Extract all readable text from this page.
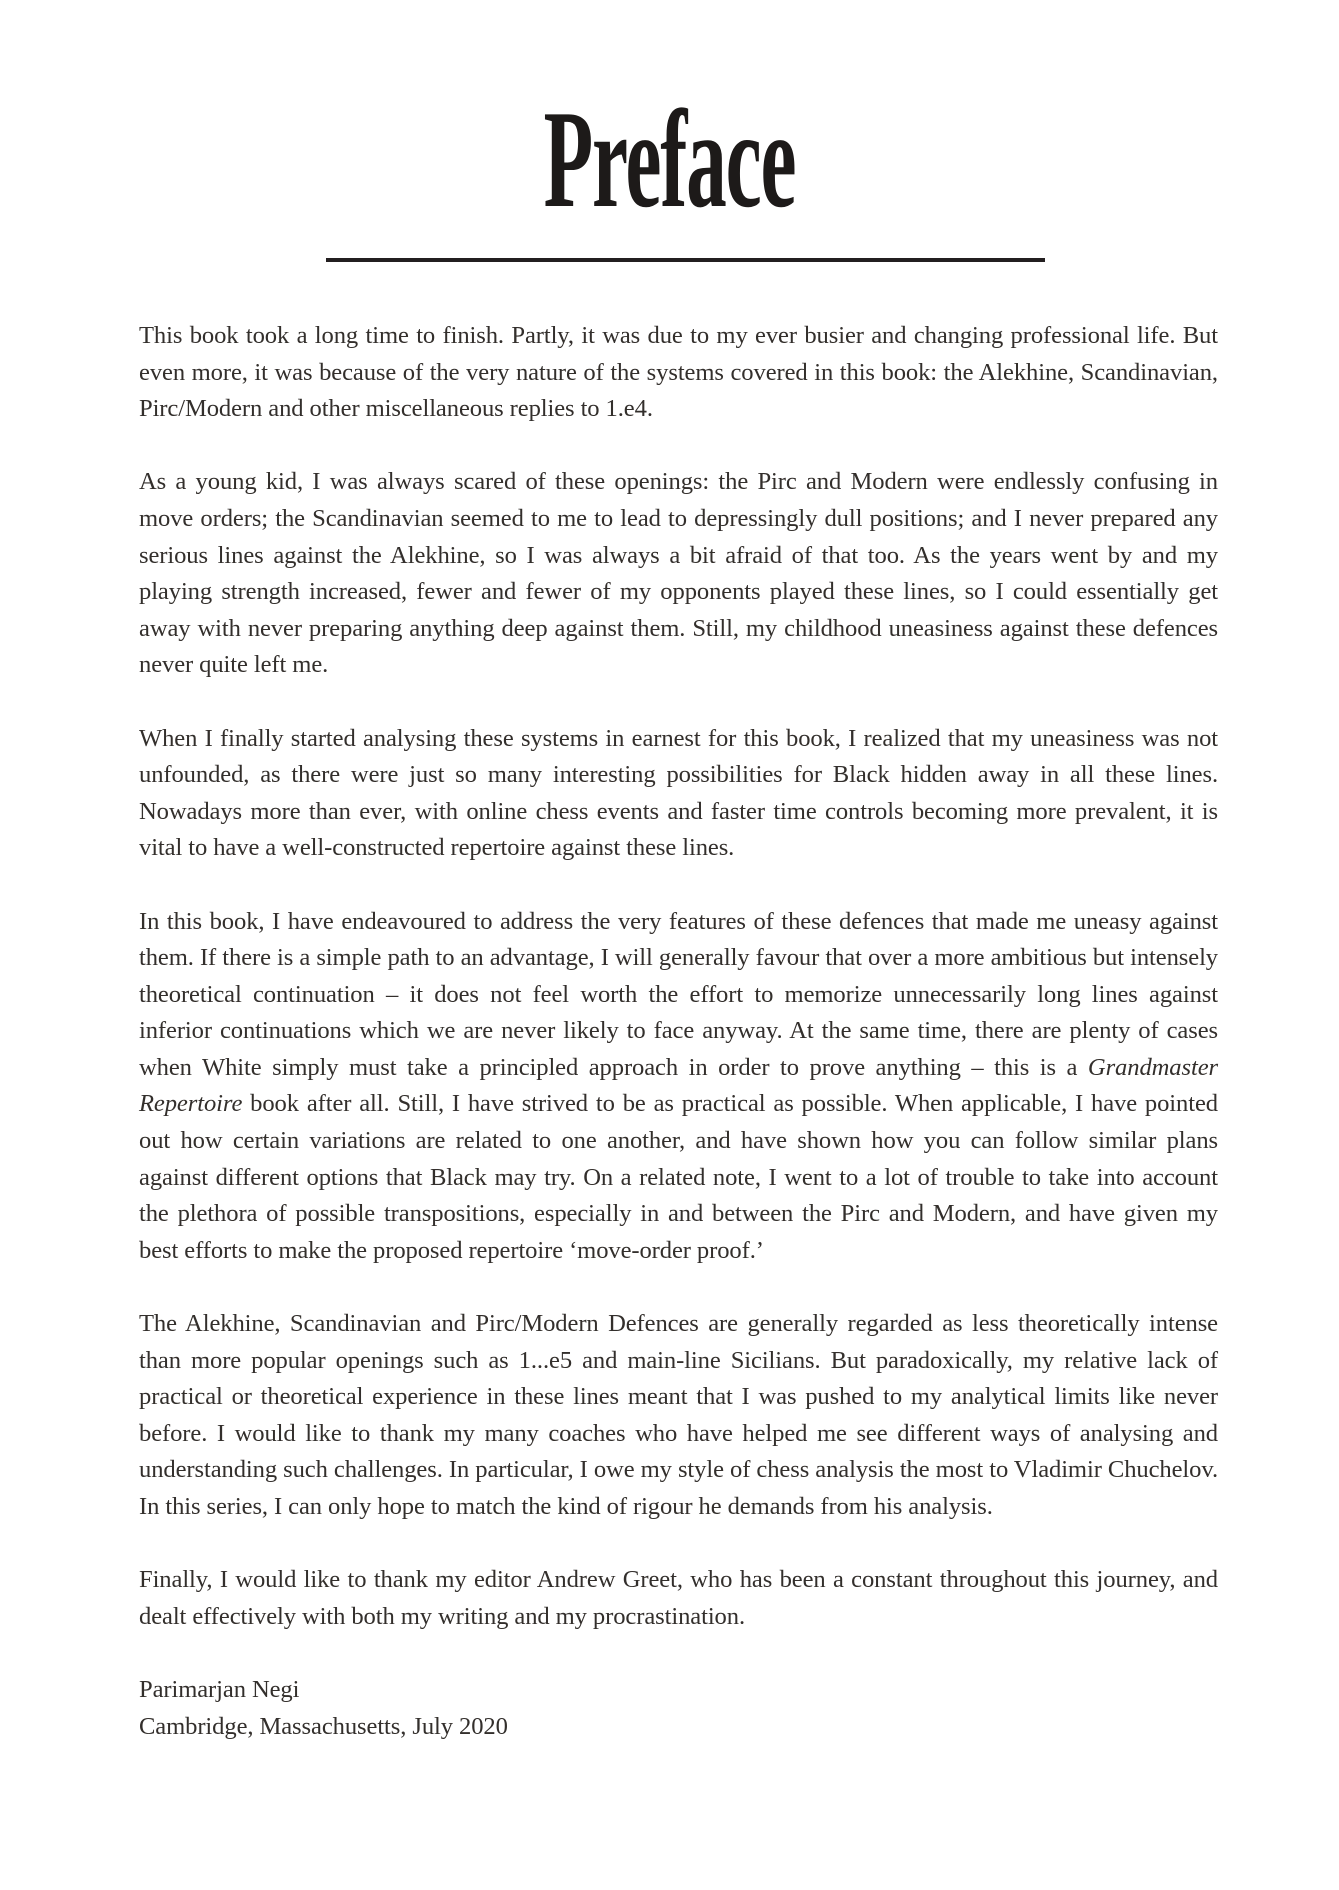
Preface

This book took a long time to finish. Partly, it was due to my ever busier and changing professional life. But even more, it was because of the very nature of the systems covered in this book: the Alekhine, Scandinavian, Pirc/Modern and other miscellaneous replies to 1.e4.

As a young kid, I was always scared of these openings: the Pirc and Modern were endlessly confusing in move orders; the Scandinavian seemed to me to lead to depressingly dull positions; and I never prepared any serious lines against the Alekhine, so I was always a bit afraid of that too. As the years went by and my playing strength increased, fewer and fewer of my opponents played these lines, so I could essentially get away with never preparing anything deep against them. Still, my childhood uneasiness against these defences never quite left me.

When I finally started analysing these systems in earnest for this book, I realized that my uneasiness was not unfounded, as there were just so many interesting possibilities for Black hidden away in all these lines. Nowadays more than ever, with online chess events and faster time controls becoming more prevalent, it is vital to have a well-constructed repertoire against these lines.

In this book, I have endeavoured to address the very features of these defences that made me uneasy against them. If there is a simple path to an advantage, I will generally favour that over a more ambitious but intensely theoretical continuation – it does not feel worth the effort to memorize unnecessarily long lines against inferior continuations which we are never likely to face anyway. At the same time, there are plenty of cases when White simply must take a principled approach in order to prove anything – this is a Grandmaster Repertoire book after all. Still, I have strived to be as practical as possible. When applicable, I have pointed out how certain variations are related to one another, and have shown how you can follow similar plans against different options that Black may try. On a related note, I went to a lot of trouble to take into account the plethora of possible transpositions, especially in and between the Pirc and Modern, and have given my best efforts to make the proposed repertoire ‘move-order proof.’

The Alekhine, Scandinavian and Pirc/Modern Defences are generally regarded as less theoretically intense than more popular openings such as 1...e5 and main-line Sicilians. But paradoxically, my relative lack of practical or theoretical experience in these lines meant that I was pushed to my analytical limits like never before. I would like to thank my many coaches who have helped me see different ways of analysing and understanding such challenges. In particular, I owe my style of chess analysis the most to Vladimir Chuchelov. In this series, I can only hope to match the kind of rigour he demands from his analysis.

Finally, I would like to thank my editor Andrew Greet, who has been a constant throughout this journey, and dealt effectively with both my writing and my procrastination.

Parimarjan Negi
Cambridge, Massachusetts, July 2020
